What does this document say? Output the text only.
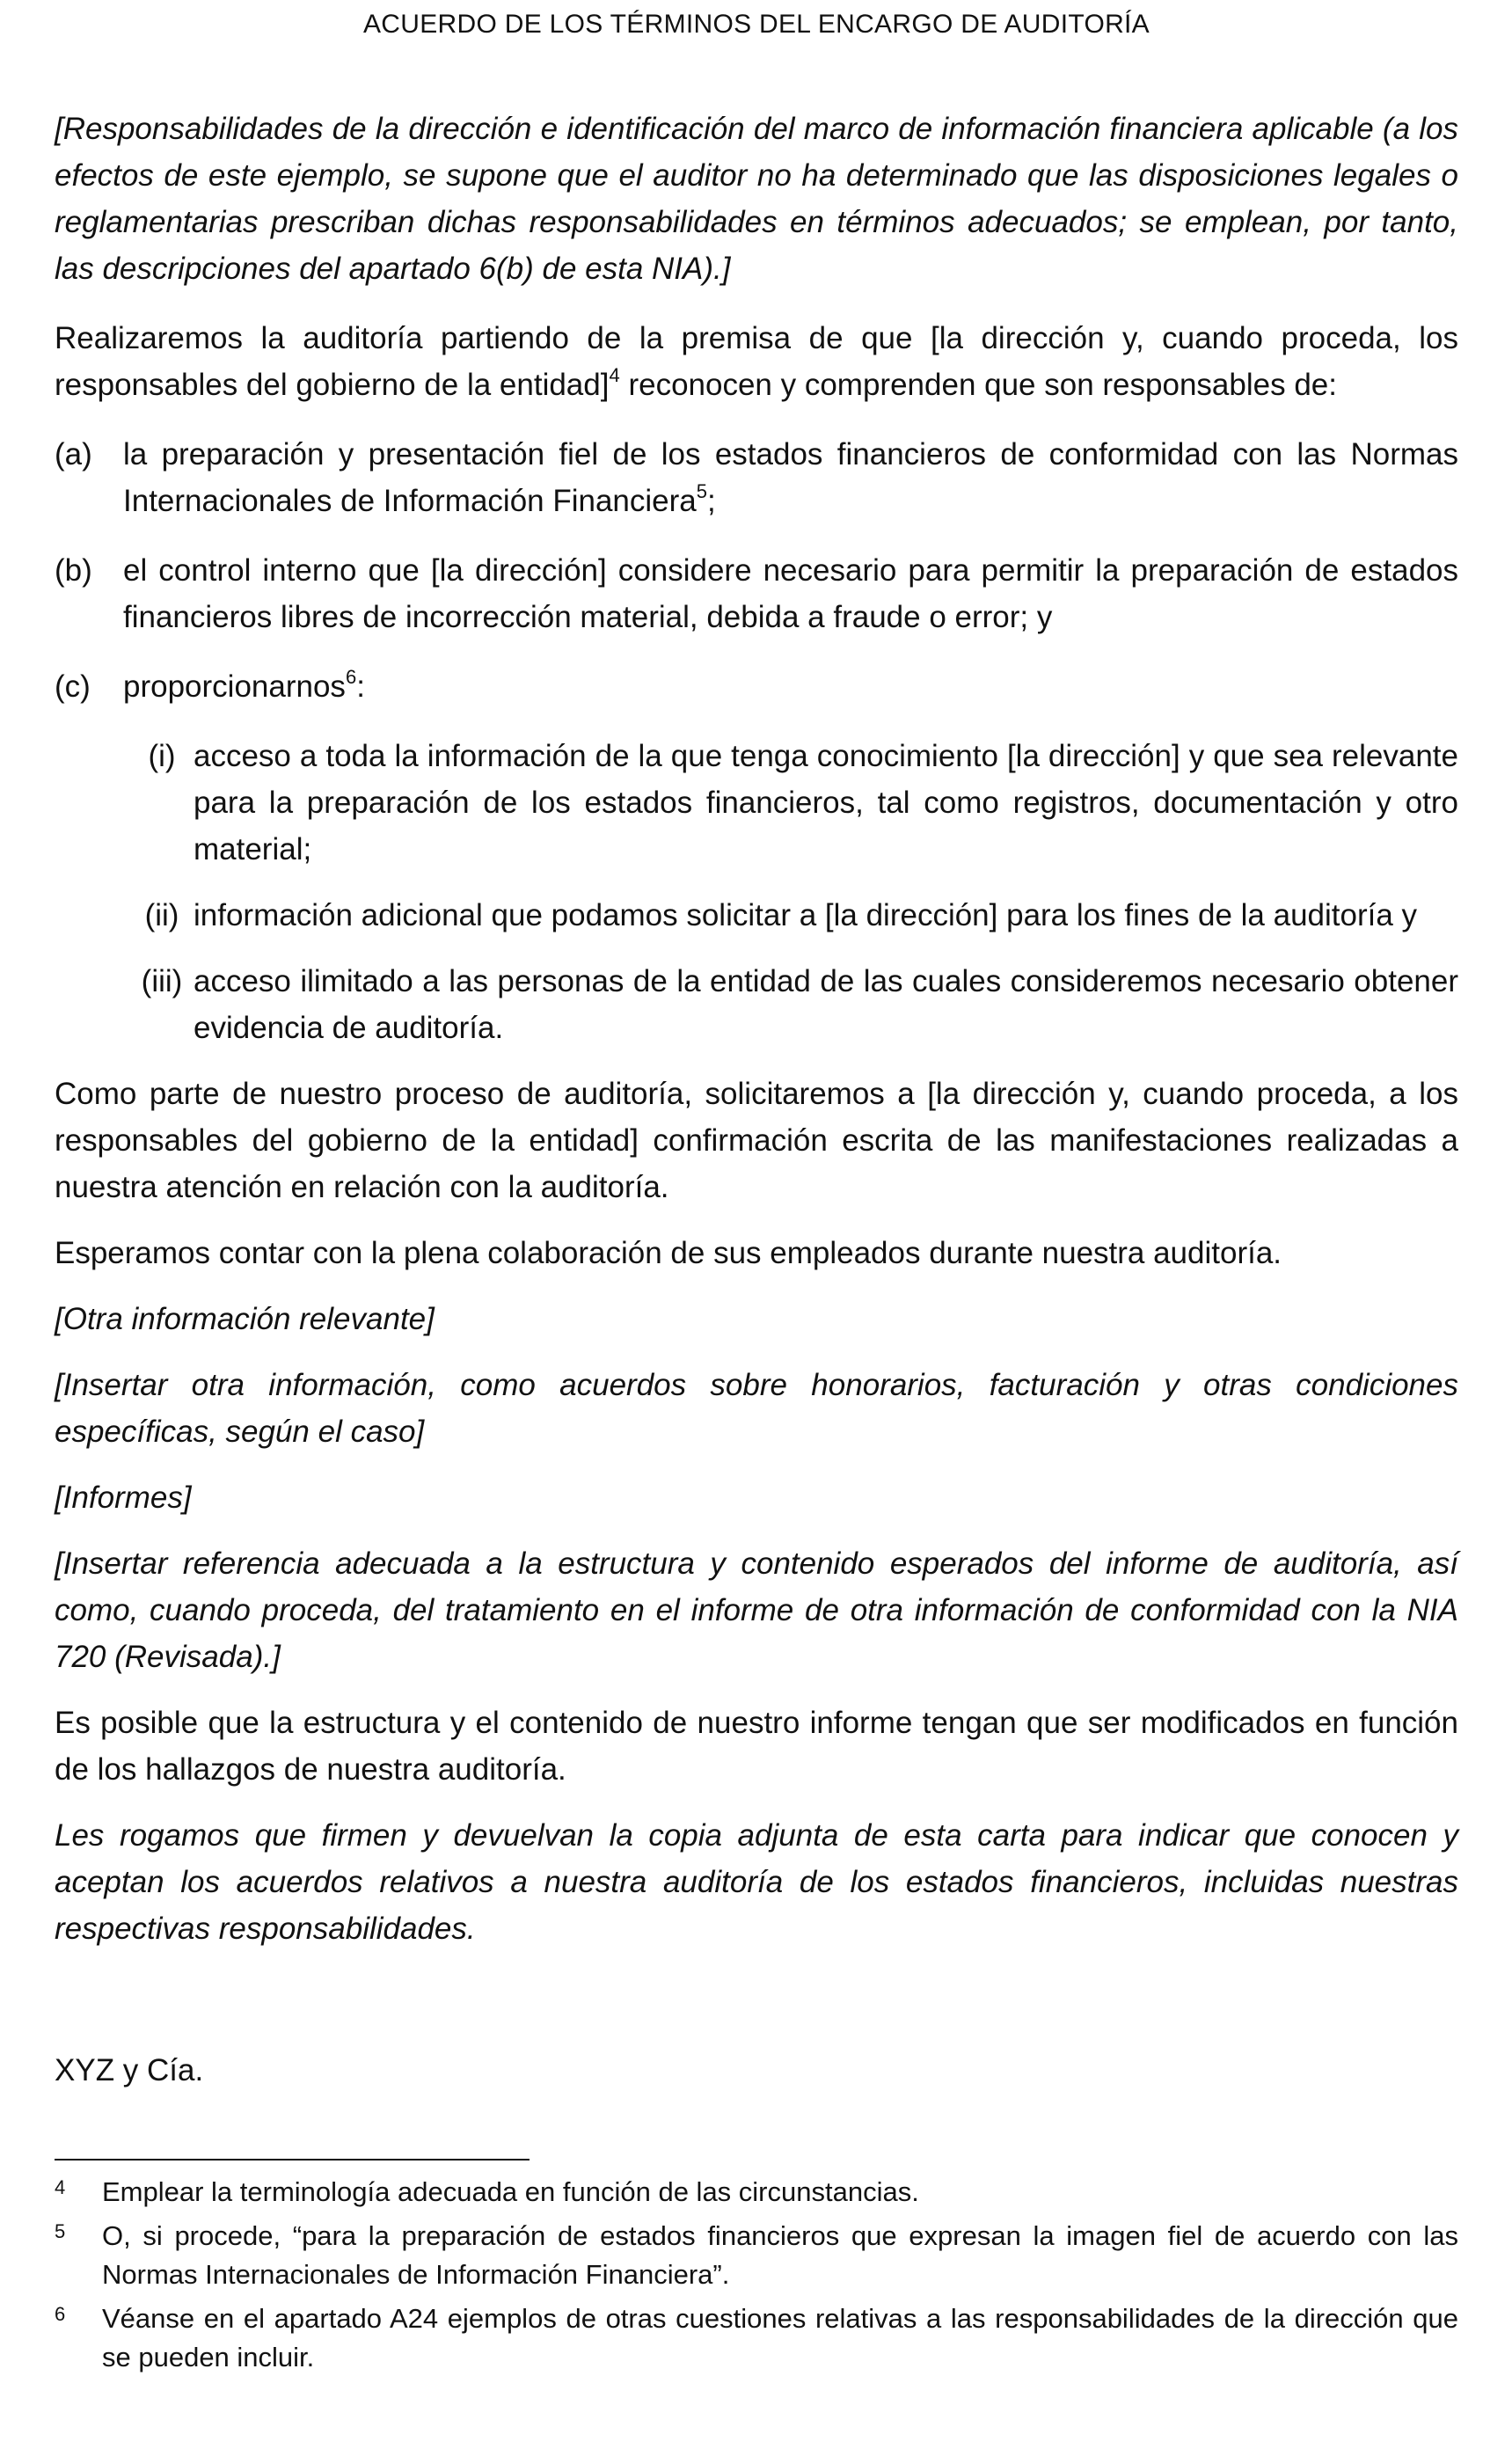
ACUERDO DE LOS TÉRMINOS DEL ENCARGO DE AUDITORÍA

[Responsabilidades de la dirección e identificación del marco de información financiera aplicable (a los efectos de este ejemplo, se supone que el auditor no ha determinado que las disposiciones legales o reglamentarias prescriban dichas responsabilidades en términos adecuados; se emplean, por tanto, las descripciones del apartado 6(b) de esta NIA).]

Realizaremos la auditoría partiendo de la premisa de que [la dirección y, cuando proceda, los responsables del gobierno de la entidad]$^4$ reconocen y comprenden que son responsables de:

(a)	la preparación y presentación fiel de los estados financieros de conformidad con las Normas Internacionales de Información Financiera$^5$;

(b)	el control interno que [la dirección] considere necesario para permitir la preparación de estados financieros libres de incorrección material, debida a fraude o error; y

(c)	proporcionarnos$^6$:

(i) acceso a toda la información de la que tenga conocimiento [la dirección] y que sea relevante para la preparación de los estados financieros, tal como registros, documentación y otro material;

(ii) información adicional que podamos solicitar a [la dirección] para los fines de la auditoría y

(iii) acceso ilimitado a las personas de la entidad de las cuales consideremos necesario obtener evidencia de auditoría.

Como parte de nuestro proceso de auditoría, solicitaremos a [la dirección y, cuando proceda, a los responsables del gobierno de la entidad] confirmación escrita de las manifestaciones realizadas a nuestra atención en relación con la auditoría.

Esperamos contar con la plena colaboración de sus empleados durante nuestra auditoría.

[Otra información relevante]

[Insertar otra información, como acuerdos sobre honorarios, facturación y otras condiciones específicas, según el caso]

[Informes]

[Insertar referencia adecuada a la estructura y contenido esperados del informe de auditoría, así como, cuando proceda, del tratamiento en el informe de otra información de conformidad con la NIA 720 (Revisada).]

Es posible que la estructura y el contenido de nuestro informe tengan que ser modificados en función de los hallazgos de nuestra auditoría.

Les rogamos que firmen y devuelvan la copia adjunta de esta carta para indicar que conocen y aceptan los acuerdos relativos a nuestra auditoría de los estados financieros, incluidas nuestras respectivas responsabilidades.

XYZ y Cía.

4	Emplear la terminología adecuada en función de las circunstancias.
5	O, si procede, “para la preparación de estados financieros que expresan la imagen fiel de acuerdo con las Normas Internacionales de Información Financiera”.
6	Véanse en el apartado A24 ejemplos de otras cuestiones relativas a las responsabilidades de la dirección que se pueden incluir.
